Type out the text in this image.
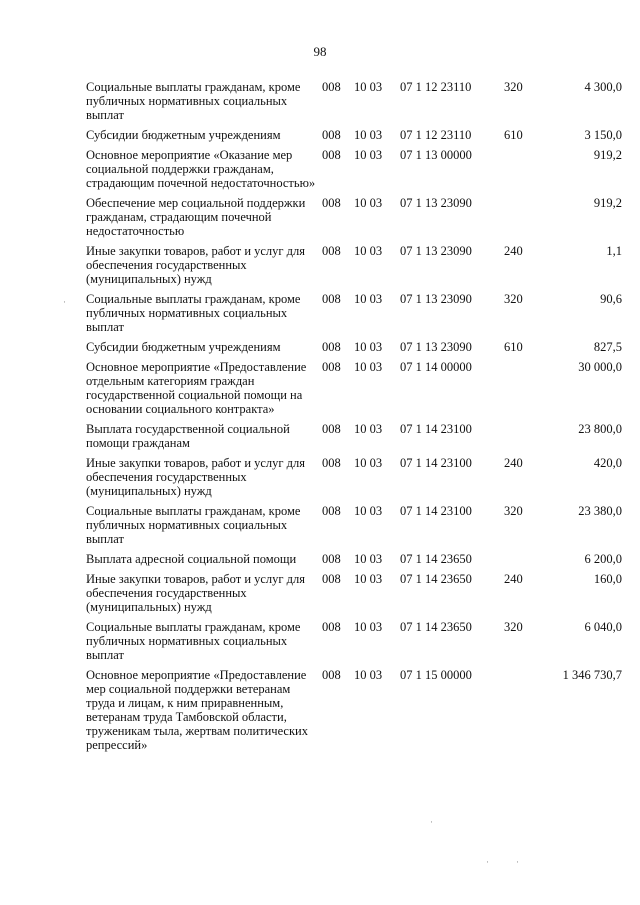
98
Социальные выплаты гражданам, кроме публичных нормативных социальных выплат	008	10 03	07 1 12 23110	320	4 300,0
Субсидии бюджетным учреждениям	008	10 03	07 1 12 23110	610	3 150,0
Основное мероприятие «Оказание мер социальной поддержки гражданам, страдающим почечной недостаточностью»	008	10 03	07 1 13 00000		919,2
Обеспечение мер социальной поддержки гражданам, страдающим почечной недостаточностью	008	10 03	07 1 13 23090		919,2
Иные закупки товаров, работ и услуг для обеспечения государственных (муниципальных) нужд	008	10 03	07 1 13 23090	240	1,1
Социальные выплаты гражданам, кроме публичных нормативных социальных выплат	008	10 03	07 1 13 23090	320	90,6
Субсидии бюджетным учреждениям	008	10 03	07 1 13 23090	610	827,5
Основное мероприятие «Предоставление отдельным категориям граждан государственной социальной помощи на основании социального контракта»	008	10 03	07 1 14 00000		30 000,0
Выплата государственной социальной помощи гражданам	008	10 03	07 1 14 23100		23 800,0
Иные закупки товаров, работ и услуг для обеспечения государственных (муниципальных) нужд	008	10 03	07 1 14 23100	240	420,0
Социальные выплаты гражданам, кроме публичных нормативных социальных выплат	008	10 03	07 1 14 23100	320	23 380,0
Выплата адресной социальной помощи	008	10 03	07 1 14 23650		6 200,0
Иные закупки товаров, работ и услуг для обеспечения государственных (муниципальных) нужд	008	10 03	07 1 14 23650	240	160,0
Социальные выплаты гражданам, кроме публичных нормативных социальных выплат	008	10 03	07 1 14 23650	320	6 040,0
Основное мероприятие «Предоставление мер социальной поддержки ветеранам труда и лицам, к ним приравненным, ветеранам труда Тамбовской области, труженикам тыла, жертвам политических репрессий»	008	10 03	07 1 15 00000		1 346 730,7
·
·
·	·
